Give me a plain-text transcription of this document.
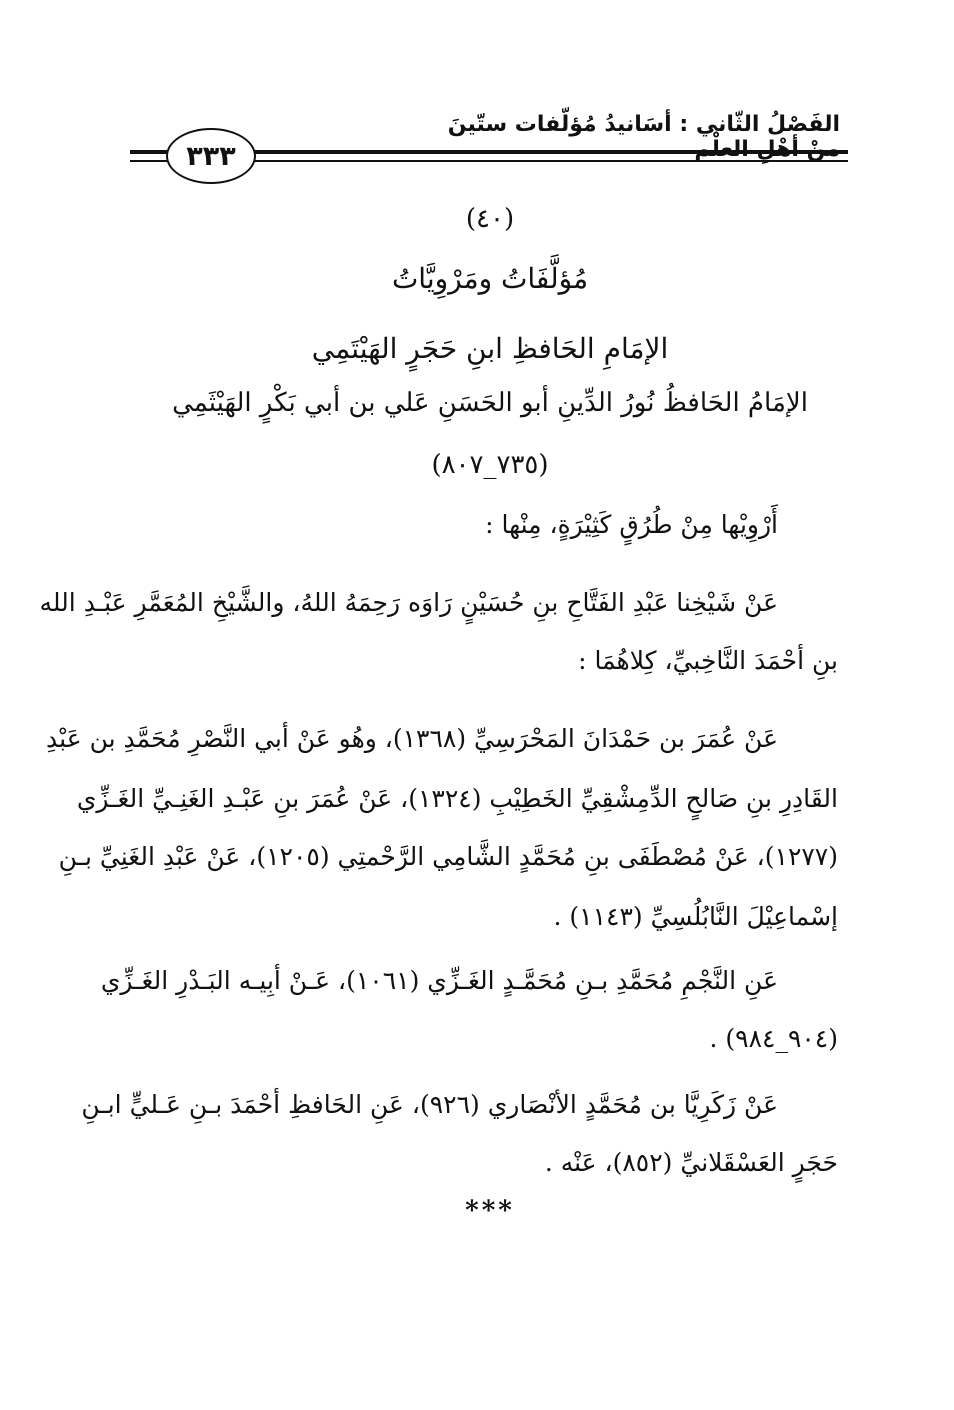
الفَصْلُ الثّاني : أسَانيدُ مُؤلّفات ستّينَ
٣٣٣
(٤٠)
مُؤلَّفَاتُ ومَرْوِيَّاتُ
الإمَامِ الحَافظِ ابنِ حَجَرٍ الهَيْتَمِي
الإمَامُ الحَافظُ نُورُ الدِّينِ أبو الحَسَنِ عَلي بن أبي بَكْرٍ الهَيْثَمِي
(٧٣٥_٨٠٧)
أَرْوِيْها مِنْ طُرُقٍ كَثِيْرَةٍ، مِنْها :
عَنْ شَيْخِنا عَبْدِ الفَتَّاحِ بنِ حُسَيْنٍ رَاوَه رَحِمَهُ اللهُ، والشَّيْخِ المُعَمَّرِ عَبْـدِ الله
بنِ أحْمَدَ النَّاخِبيِّ، كِلاهُمَا :
عَنْ عُمَرَ بن حَمْدَانَ المَحْرَسِيِّ (١٣٦٨)، وهُو عَنْ أبي النَّصْرِ مُحَمَّدِ بن عَبْدِ
القَادِرِ بنِ صَالحٍ الدِّمِشْقِيِّ الخَطِيْبِ (١٣٢٤)، عَنْ عُمَرَ بنِ عَبْـدِ الغَنِـيِّ الغَـزِّي
(١٢٧٧)، عَنْ مُصْطَفَى بنِ مُحَمَّدٍ الشَّامِي الرَّحْمتِي (١٢٠٥)، عَنْ عَبْدِ الغَنِيِّ بـنِ
إسْماعِيْلَ النَّابُلُسِيِّ (١١٤٣) .
عَنِ النَّجْمِ مُحَمَّدِ بـنِ مُحَمَّـدٍ الغَـزِّي (١٠٦١)، عَـنْ أبِيـه البَـدْرِ الغَـزِّي
(٩٠٤_٩٨٤) .
عَنْ زَكَرِيَّا بن مُحَمَّدٍ الأنْصَاري (٩٢٦)، عَنِ الحَافظِ أحْمَدَ بـنِ عَـليٍّ ابـنِ
حَجَرٍ العَسْقَلانيِّ (٨٥٢)، عَنْه .
***
